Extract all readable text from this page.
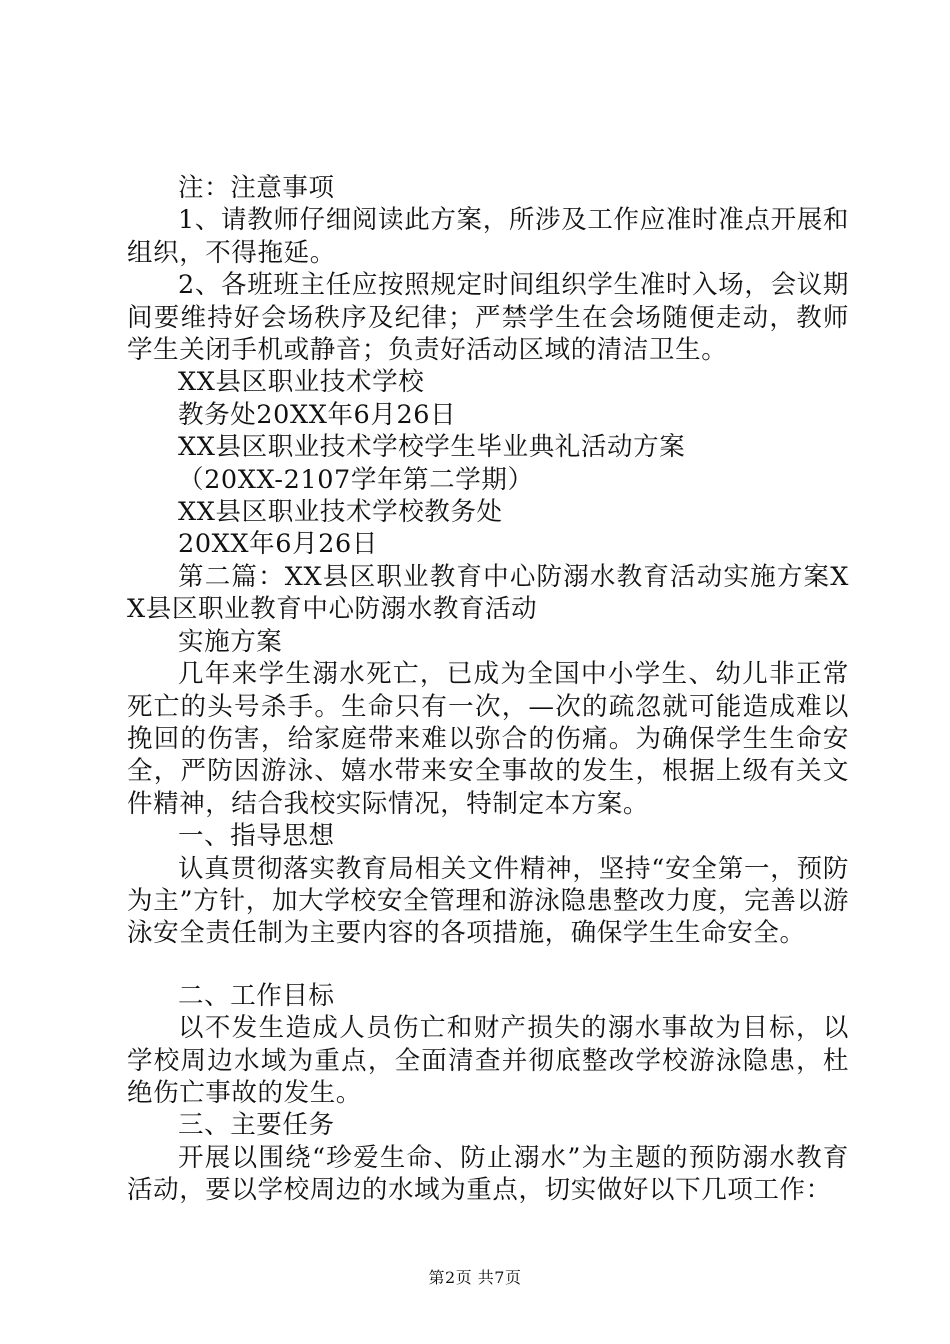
注：注意事项

1、请教师仔细阅读此方案，所涉及工作应准时准点开展和组织，不得拖延。

2、各班班主任应按照规定时间组织学生准时入场，会议期间要维持好会场秩序及纪律；严禁学生在会场随便走动，教师学生关闭手机或静音；负责好活动区域的清洁卫生。

XX县区职业技术学校

教务处20XX年6月26日

XX县区职业技术学校学生毕业典礼活动方案

（20XX-2107学年第二学期）

XX县区职业技术学校教务处

20XX年6月26日

第二篇：XX县区职业教育中心防溺水教育活动实施方案XX县区职业教育中心防溺水教育活动

实施方案

几年来学生溺水死亡，已成为全国中小学生、幼儿非正常死亡的头号杀手。生命只有一次，—次的疏忽就可能造成难以挽回的伤害，给家庭带来难以弥合的伤痛。为确保学生生命安全，严防因游泳、嬉水带来安全事故的发生，根据上级有关文件精神，结合我校实际情况，特制定本方案。

一、指导思想

认真贯彻落实教育局相关文件精神，坚持“安全第一，预防为主”方针，加大学校安全管理和游泳隐患整改力度，完善以游泳安全责任制为主要内容的各项措施，确保学生生命安全。

二、工作目标

以不发生造成人员伤亡和财产损失的溺水事故为目标，以学校周边水域为重点，全面清查并彻底整改学校游泳隐患，杜绝伤亡事故的发生。

三、主要任务

开展以围绕“珍爱生命、防止溺水”为主题的预防溺水教育活动，要以学校周边的水域为重点，切实做好以下几项工作：

第2页 共7页
